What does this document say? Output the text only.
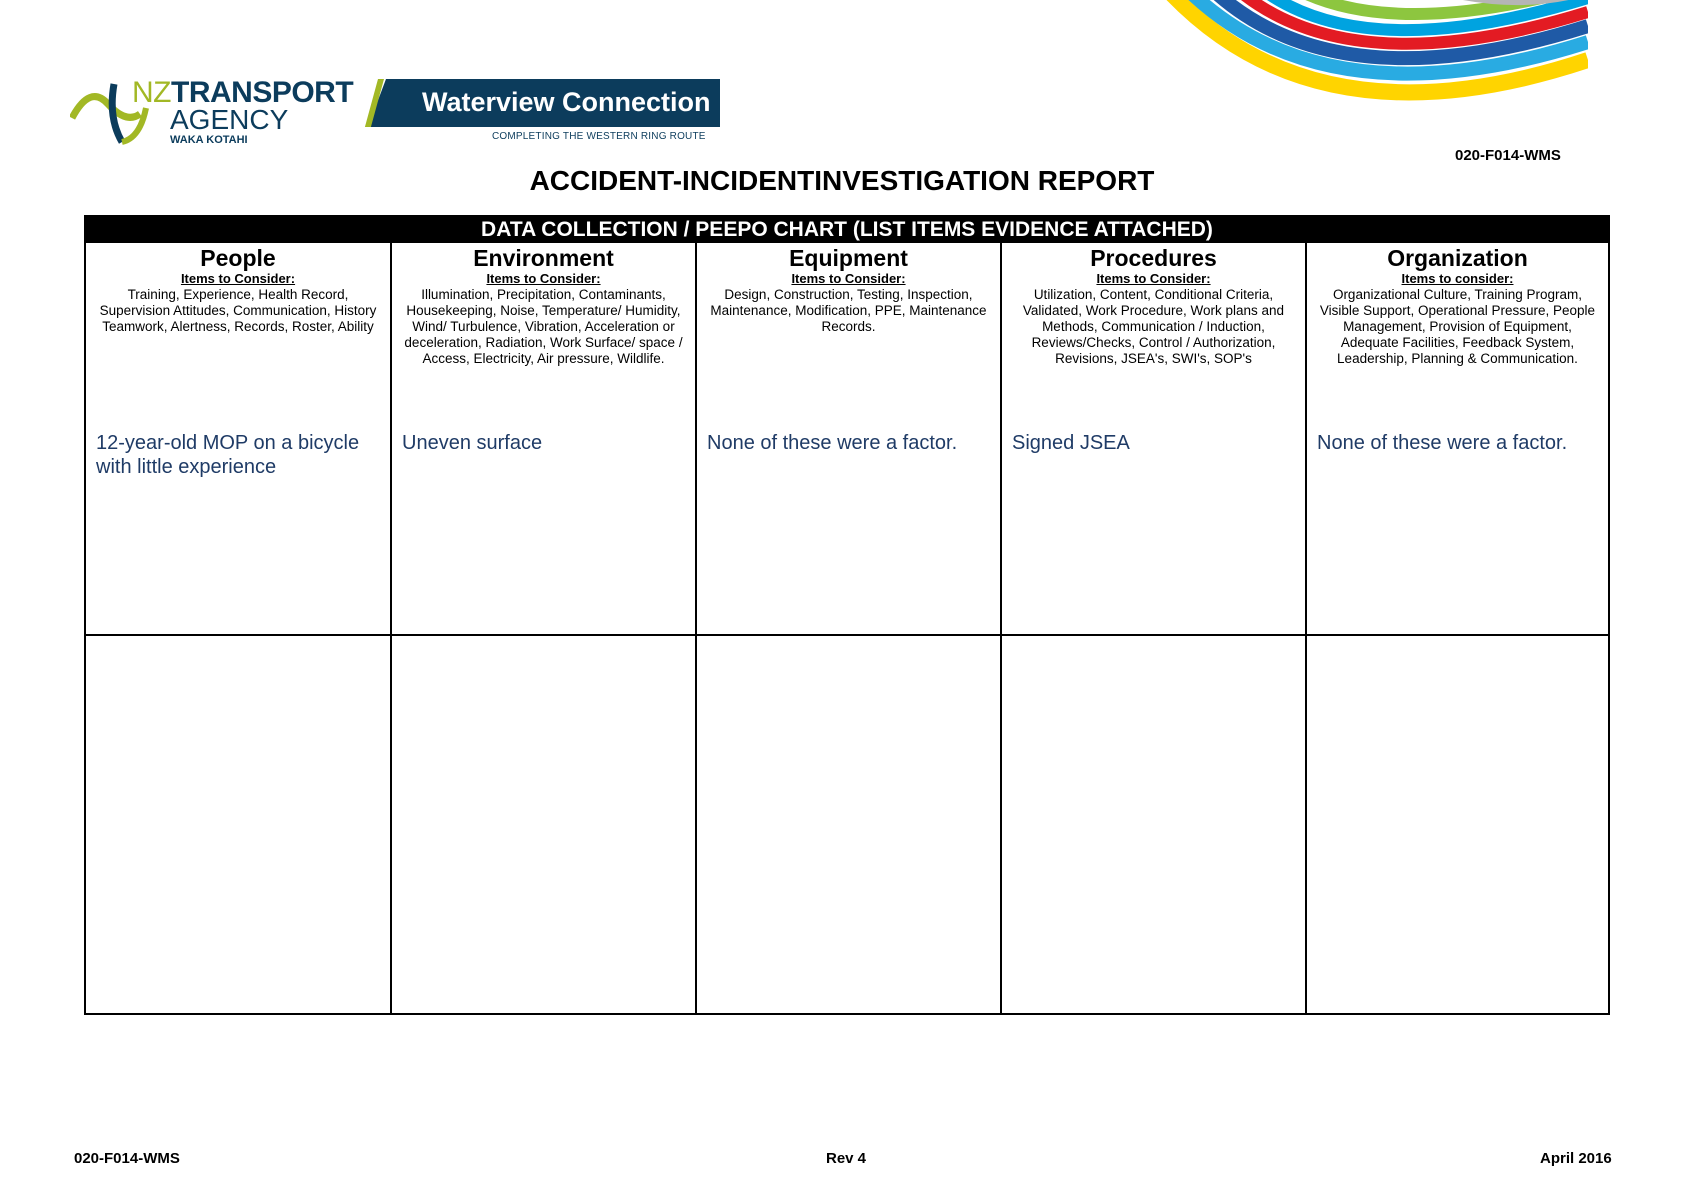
NZTRANSPORT
AGENCY
WAKA KOTAHI
Waterview Connection
COMPLETING THE WESTERN RING ROUTE
020-F014-WMS
ACCIDENT-INCIDENTINVESTIGATION REPORT
DATA COLLECTION / PEEPO CHART (LIST ITEMS EVIDENCE ATTACHED)
People
Items to Consider:
Training, Experience, Health Record, Supervision Attitudes, Communication, History Teamwork, Alertness, Records, Roster, Ability
12-year-old MOP on a bicycle with little experience
Environment
Items to Consider:
Illumination, Precipitation, Contaminants, Housekeeping, Noise, Temperature/ Humidity, Wind/ Turbulence, Vibration, Acceleration or deceleration, Radiation, Work Surface/ space / Access, Electricity, Air pressure, Wildlife.
Uneven surface
Equipment
Items to Consider:
Design, Construction, Testing, Inspection, Maintenance, Modification, PPE, Maintenance Records.
None of these were a factor.
Procedures
Items to Consider:
Utilization, Content, Conditional Criteria, Validated, Work Procedure, Work plans and Methods, Communication / Induction, Reviews/Checks, Control / Authorization, Revisions, JSEA's, SWI's, SOP's
Signed JSEA
Organization
Items to consider:
Organizational Culture, Training Program, Visible Support, Operational Pressure, People Management, Provision of Equipment, Adequate Facilities, Feedback System, Leadership, Planning & Communication.
None of these were a factor.
020-F014-WMS	Rev 4	April 2016
